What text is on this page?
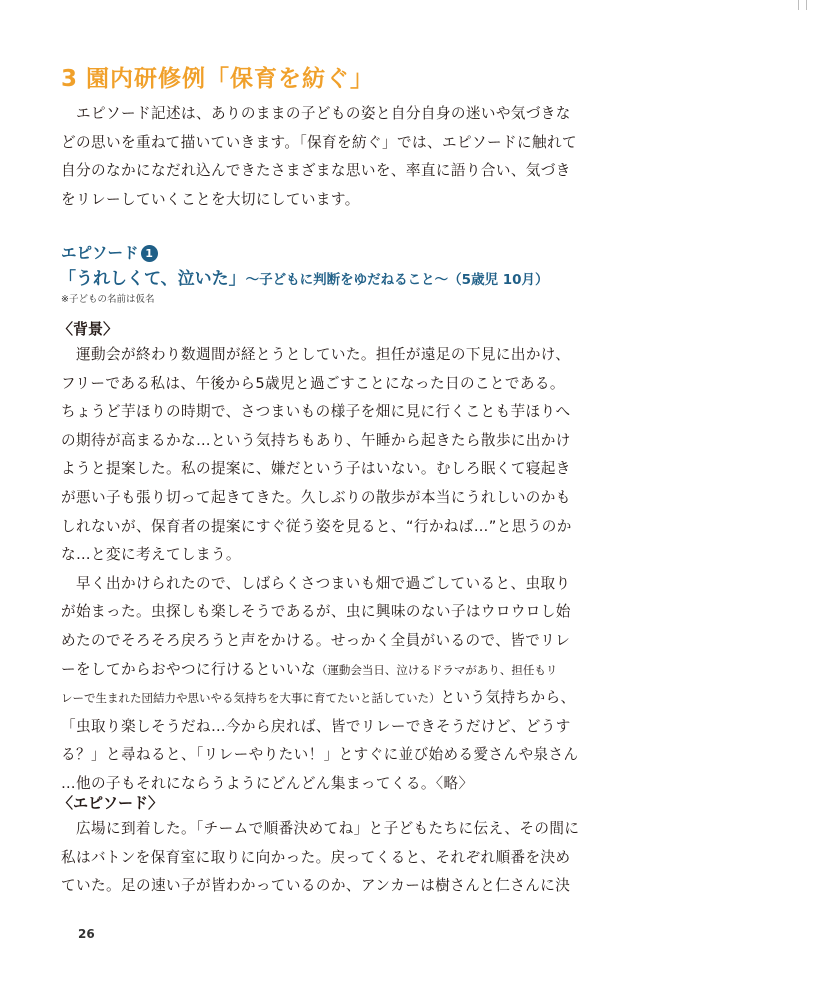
3 園内研修例「保育を紡ぐ」
エピソード記述は、ありのままの子どもの姿と自分自身の迷いや気づきな
どの思いを重ねて描いていきます。「保育を紡ぐ」では、エピソードに触れて
自分のなかになだれ込んできたさまざまな思いを、率直に語り合い、気づき
をリレーしていくことを大切にしています。
エピソード 1
「うれしくて、泣いた」～子どもに判断をゆだねること～（5歳児 10月）
※子どもの名前は仮名
〈背景〉
運動会が終わり数週間が経とうとしていた。担任が遠足の下見に出かけ、
フリーである私は、午後から5歳児と過ごすことになった日のことである。
ちょうど芋ほりの時期で、さつまいもの様子を畑に見に行くことも芋ほりへ
の期待が高まるかな…という気持ちもあり、午睡から起きたら散歩に出かけ
ようと提案した。私の提案に、嫌だという子はいない。むしろ眠くて寝起き
が悪い子も張り切って起きてきた。久しぶりの散歩が本当にうれしいのかも
しれないが、保育者の提案にすぐ従う姿を見ると、“行かねば…”と思うのか
な…と変に考えてしまう。
早く出かけられたので、しばらくさつまいも畑で過ごしていると、虫取り
が始まった。虫探しも楽しそうであるが、虫に興味のない子はウロウロし始
めたのでそろそろ戻ろうと声をかける。せっかく全員がいるので、皆でリレ
ーをしてからおやつに行けるといいな（運動会当日、泣けるドラマがあり、担任もリ
レーで生まれた団結力や思いやる気持ちを大事に育てたいと話していた）という気持ちから、
「虫取り楽しそうだね…今から戻れば、皆でリレーできそうだけど、どうす
る？」と尋ねると、「リレーやりたい！」とすぐに並び始める愛さんや泉さん
…他の子もそれにならうようにどんどん集まってくる。〈略〉
〈エピソード〉
広場に到着した。「チームで順番決めてね」と子どもたちに伝え、その間に
私はバトンを保育室に取りに向かった。戻ってくると、それぞれ順番を決め
ていた。足の速い子が皆わかっているのか、アンカーは樹さんと仁さんに決
26
